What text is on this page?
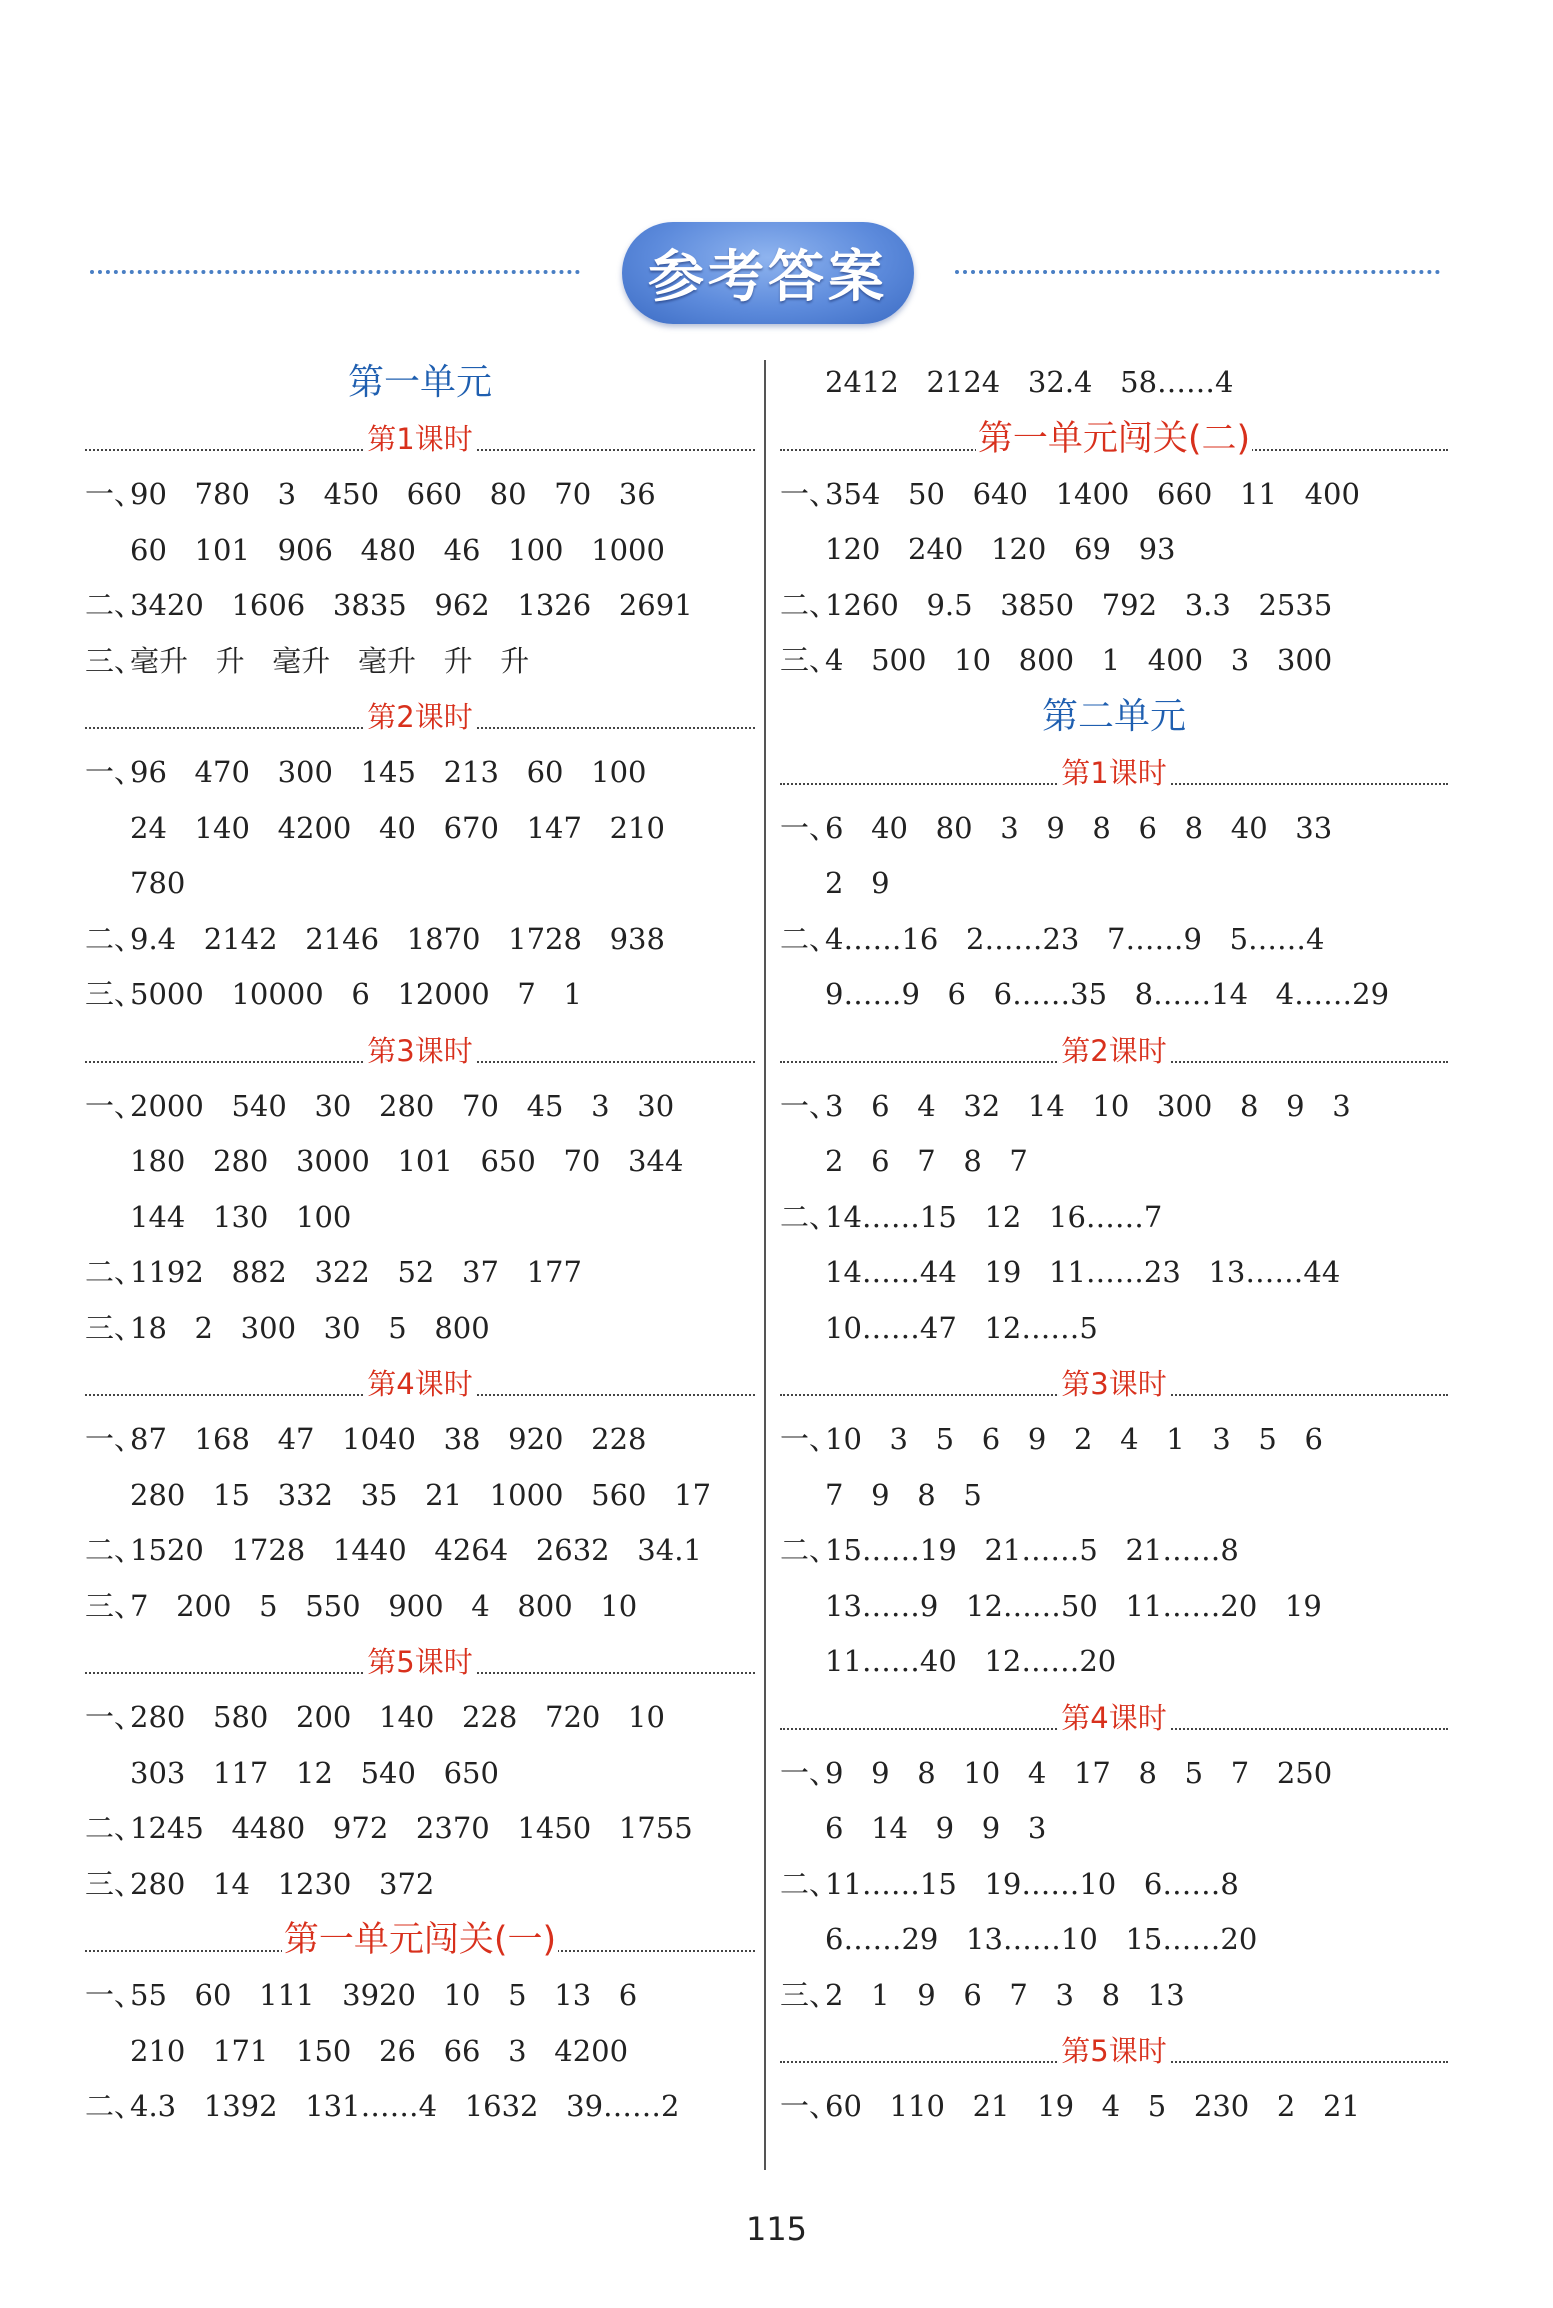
参考答案
第一单元
第1课时
一、90   780   3   450   660   80   70   36
60   101   906   480   46   100   1000
二、3420   1606   3835   962   1326   2691
三、毫升   升   毫升   毫升   升   升
第2课时
一、96   470   300   145   213   60   100
24   140   4200   40   670   147   210
780
二、9.4   2142   2146   1870   1728   938
三、5000   10000   6   12000   7   1
第3课时
一、2000   540   30   280   70   45   3   30
180   280   3000   101   650   70   344
144   130   100
二、1192   882   322   52   37   177
三、18   2   300   30   5   800
第4课时
一、87   168   47   1040   38   920   228
280   15   332   35   21   1000   560   17
二、1520   1728   1440   4264   2632   34.1
三、7   200   5   550   900   4   800   10
第5课时
一、280   580   200   140   228   720   10
303   117   12   540   650
二、1245   4480   972   2370   1450   1755
三、280   14   1230   372
第一单元闯关(一)
一、55   60   111   3920   10   5   13   6
210   171   150   26   66   3   4200
二、4.3   1392   131……4   1632   39……2
2412   2124   32.4   58……4
第一单元闯关(二)
一、354   50   640   1400   660   11   400
120   240   120   69   93
二、1260   9.5   3850   792   3.3   2535
三、4   500   10   800   1   400   3   300
第二单元
第1课时
一、6   40   80   3   9   8   6   8   40   33
2   9
二、4……16   2……23   7……9   5……4
9……9   6   6……35   8……14   4……29
第2课时
一、3   6   4   32   14   10   300   8   9   3
2   6   7   8   7
二、14……15   12   16……7
14……44   19   11……23   13……44
10……47   12……5
第3课时
一、10   3   5   6   9   2   4   1   3   5   6
7   9   8   5
二、15……19   21……5   21……8
13……9   12……50   11……20   19
11……40   12……20
第4课时
一、9   9   8   10   4   17   8   5   7   250
6   14   9   9   3
二、11……15   19……10   6……8
6……29   13……10   15……20
三、2   1   9   6   7   3   8   13
第5课时
一、60   110   21   19   4   5   230   2   21
115
